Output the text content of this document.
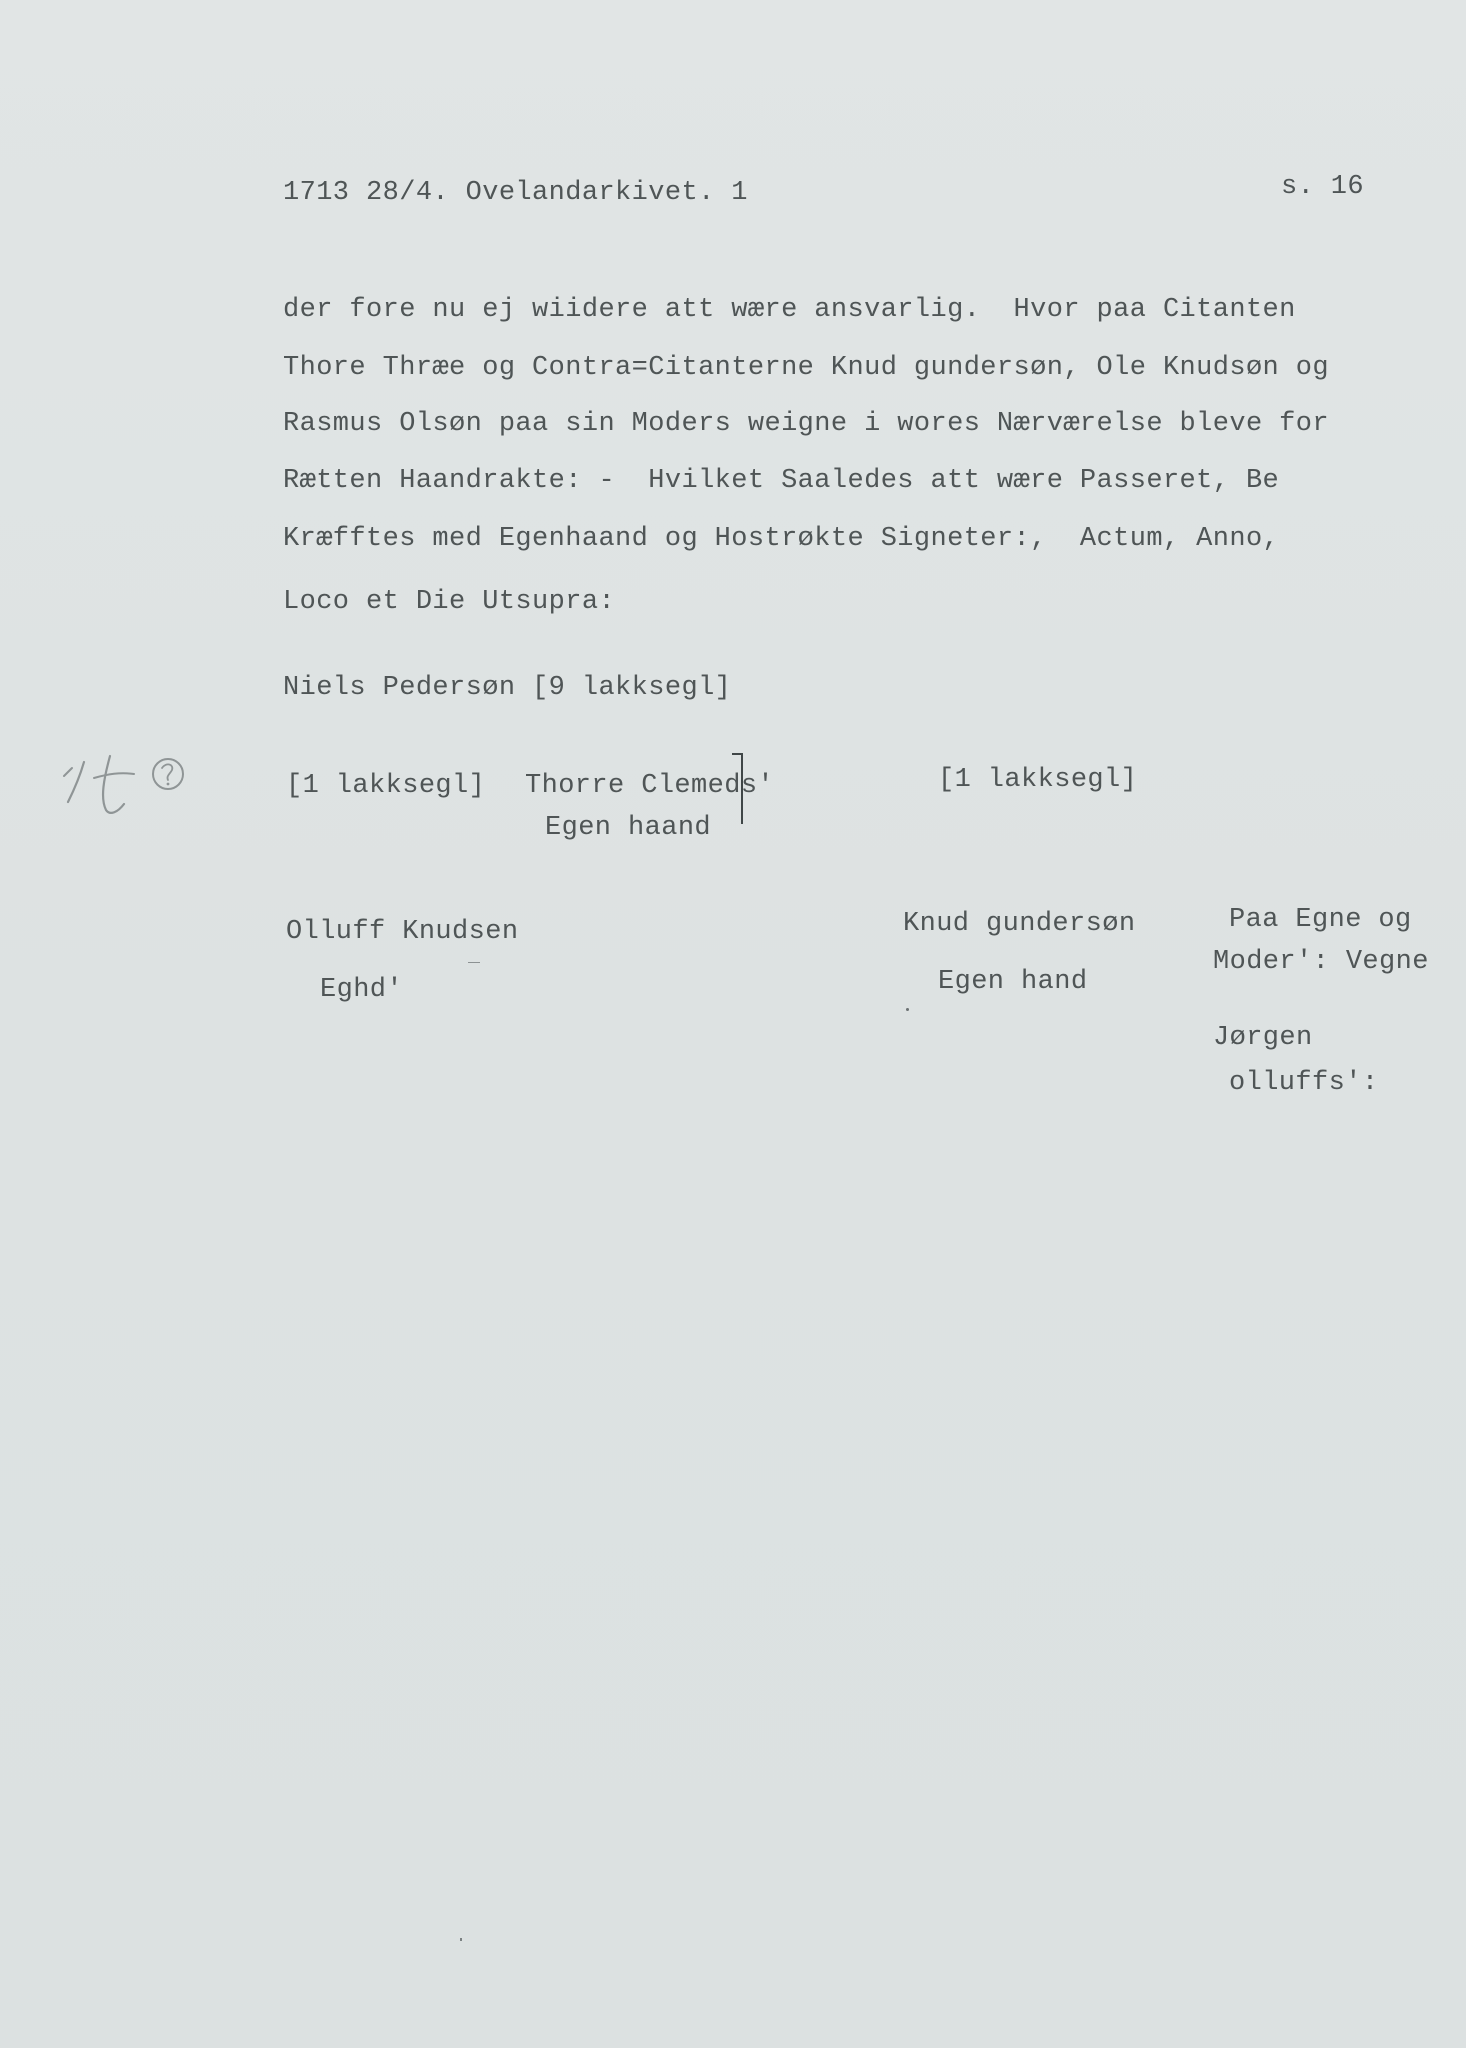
1713 28/4. Ovelandarkivet. 1	s. 16
der fore nu ej wiidere att wære ansvarlig.  Hvor paa Citanten
Thore Thræe og Contra=Citanterne Knud gundersøn, Ole Knudsøn og
Rasmus Olsøn paa sin Moders weigne i wores Nærværelse bleve for
Rætten Haandrakte: -  Hvilket Saaledes att wære Passeret, Be
Kræfftes med Egenhaand og Hostrøkte Signeter:,  Actum, Anno,
Loco et Die Utsupra:
Niels Pedersøn [9 lakksegl]
[1 lakksegl] Thorre Clemeds'
Egen haand
[1 lakksegl]
Olluff Knudsen
Eghd'
Knud gundersøn
Egen hand
Paa Egne og
Moder': Vegne
Jørgen
olluffs':
